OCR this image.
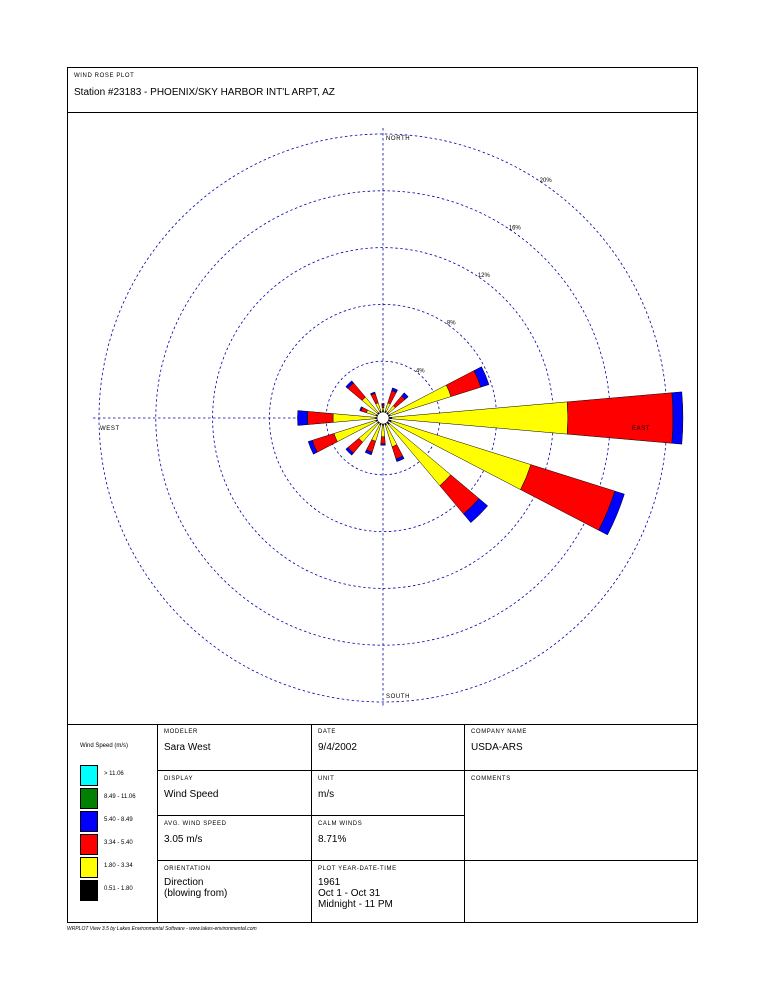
WIND ROSE PLOT
Station #23183 - PHOENIX/SKY HARBOR INT'L ARPT, AZ
4%
8%
12%
16%
20%
NORTH
SOUTH
EAST
WEST
Wind Speed (m/s)
> 11.06
8.49 - 11.06
5.40 - 8.49
3.34 - 5.40
1.80 - 3.34
0.51 - 1.80
MODELER
Sara West
DATE
9/4/2002
COMPANY NAME
USDA-ARS
DISPLAY
Wind Speed
UNIT
m/s
COMMENTS
AVG. WIND SPEED
3.05 m/s
CALM WINDS
8.71%
ORIENTATION
Direction
(blowing from)
PLOT YEAR-DATE-TIME
1961
Oct 1 - Oct 31
Midnight - 11 PM
WRPLOT View 3.5 by Lakes Environmental Software - www.lakes-environmental.com
